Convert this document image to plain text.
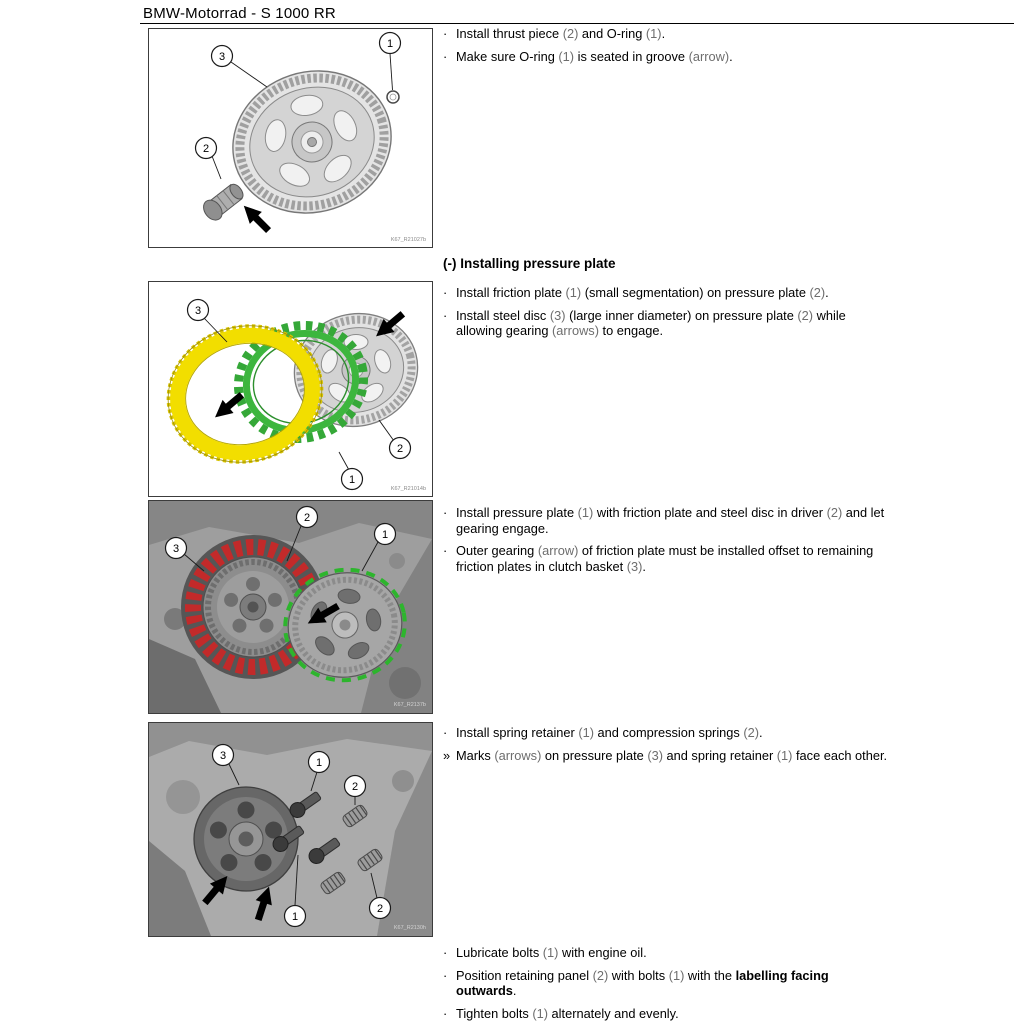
BMW-Motorrad - S 1000 RR
3
1
2
K67_R21027b
3
2
1
K67_R21014b
3
2
1
K67_R2137b
3
1
2
1
2
K67_R2130h
· Install thrust piece (2) and O-ring (1).
· Make sure O-ring (1) is seated in groove (arrow).
(-) Installing pressure plate
· Install friction plate (1) (small segmentation) on pressure plate (2).
· Install steel disc (3) (large inner diameter) on pressure plate (2) while
allowing gearing (arrows) to engage.
· Install pressure plate (1) with friction plate and steel disc in driver (2) and let
gearing engage.
· Outer gearing (arrow) of friction plate must be installed offset to remaining
friction plates in clutch basket (3).
· Install spring retainer (1) and compression springs (2).
» Marks (arrows) on pressure plate (3) and spring retainer (1) face each other.
· Lubricate bolts (1) with engine oil.
· Position retaining panel (2) with bolts (1) with the labelling facing
outwards.
· Tighten bolts (1) alternately and evenly.
